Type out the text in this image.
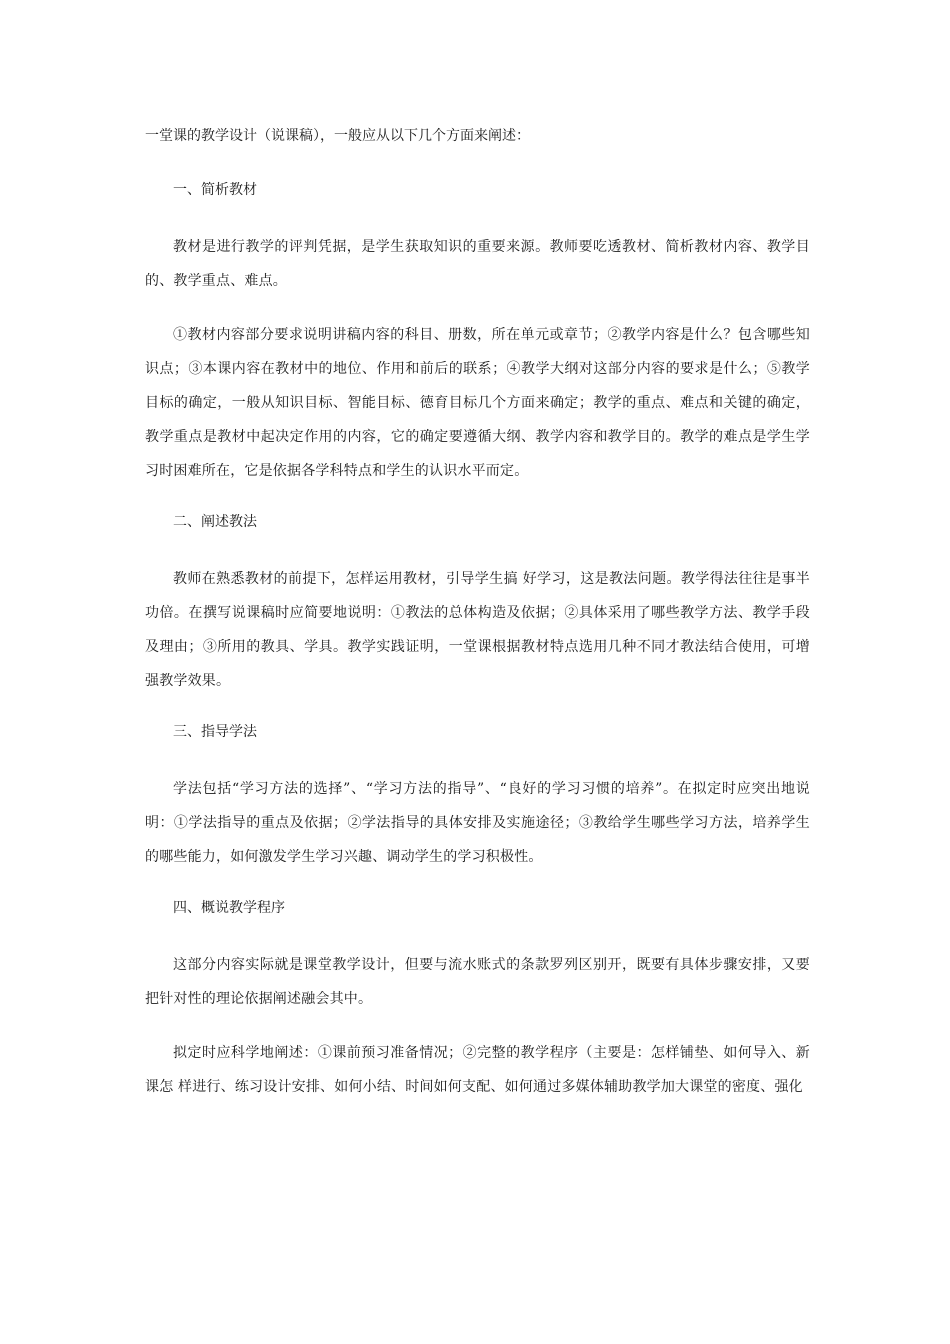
一堂课的教学设计（说课稿），一般应从以下几个方面来阐述：

一、简析教材

教材是进行教学的评判凭据，是学生获取知识的重要来源。教师要吃透教材、简析教材内容、教学目的、教学重点、难点。

①教材内容部分要求说明讲稿内容的科目、册数，所在单元或章节；②教学内容是什么？包含哪些知识点；③本课内容在教材中的地位、作用和前后的联系；④教学大纲对这部分内容的要求是什么；⑤教学目标的确定，一般从知识目标、智能目标、德育目标几个方面来确定；教学的重点、难点和关键的确定，教学重点是教材中起决定作用的内容，它的确定要遵循大纲、教学内容和教学目的。教学的难点是学生学习时困难所在，它是依据各学科特点和学生的认识水平而定。

二、阐述教法

教师在熟悉教材的前提下，怎样运用教材，引导学生搞 好学习，这是教法问题。教学得法往往是事半功倍。在撰写说课稿时应简要地说明：①教法的总体构造及依据；②具体采用了哪些教学方法、教学手段及理由；③所用的教具、学具。教学实践证明，一堂课根据教材特点选用几种不同才教法结合使用，可增强教学效果。

三、指导学法

学法包括“学习方法的选择”、“学习方法的指导”、“良好的学习习惯的培养”。在拟定时应突出地说明：①学法指导的重点及依据；②学法指导的具体安排及实施途径；③教给学生哪些学习方法，培养学生的哪些能力，如何激发学生学习兴趣、调动学生的学习积极性。

四、概说教学程序

这部分内容实际就是课堂教学设计，但要与流水账式的条款罗列区别开，既要有具体步骤安排，又要把针对性的理论依据阐述融会其中。

拟定时应科学地阐述：①课前预习准备情况；②完整的教学程序（主要是：怎样铺垫、如何导入、新课怎 样进行、练习设计安排、如何小结、时间如何支配、如何通过多媒体辅助教学加大课堂的密度、强化
